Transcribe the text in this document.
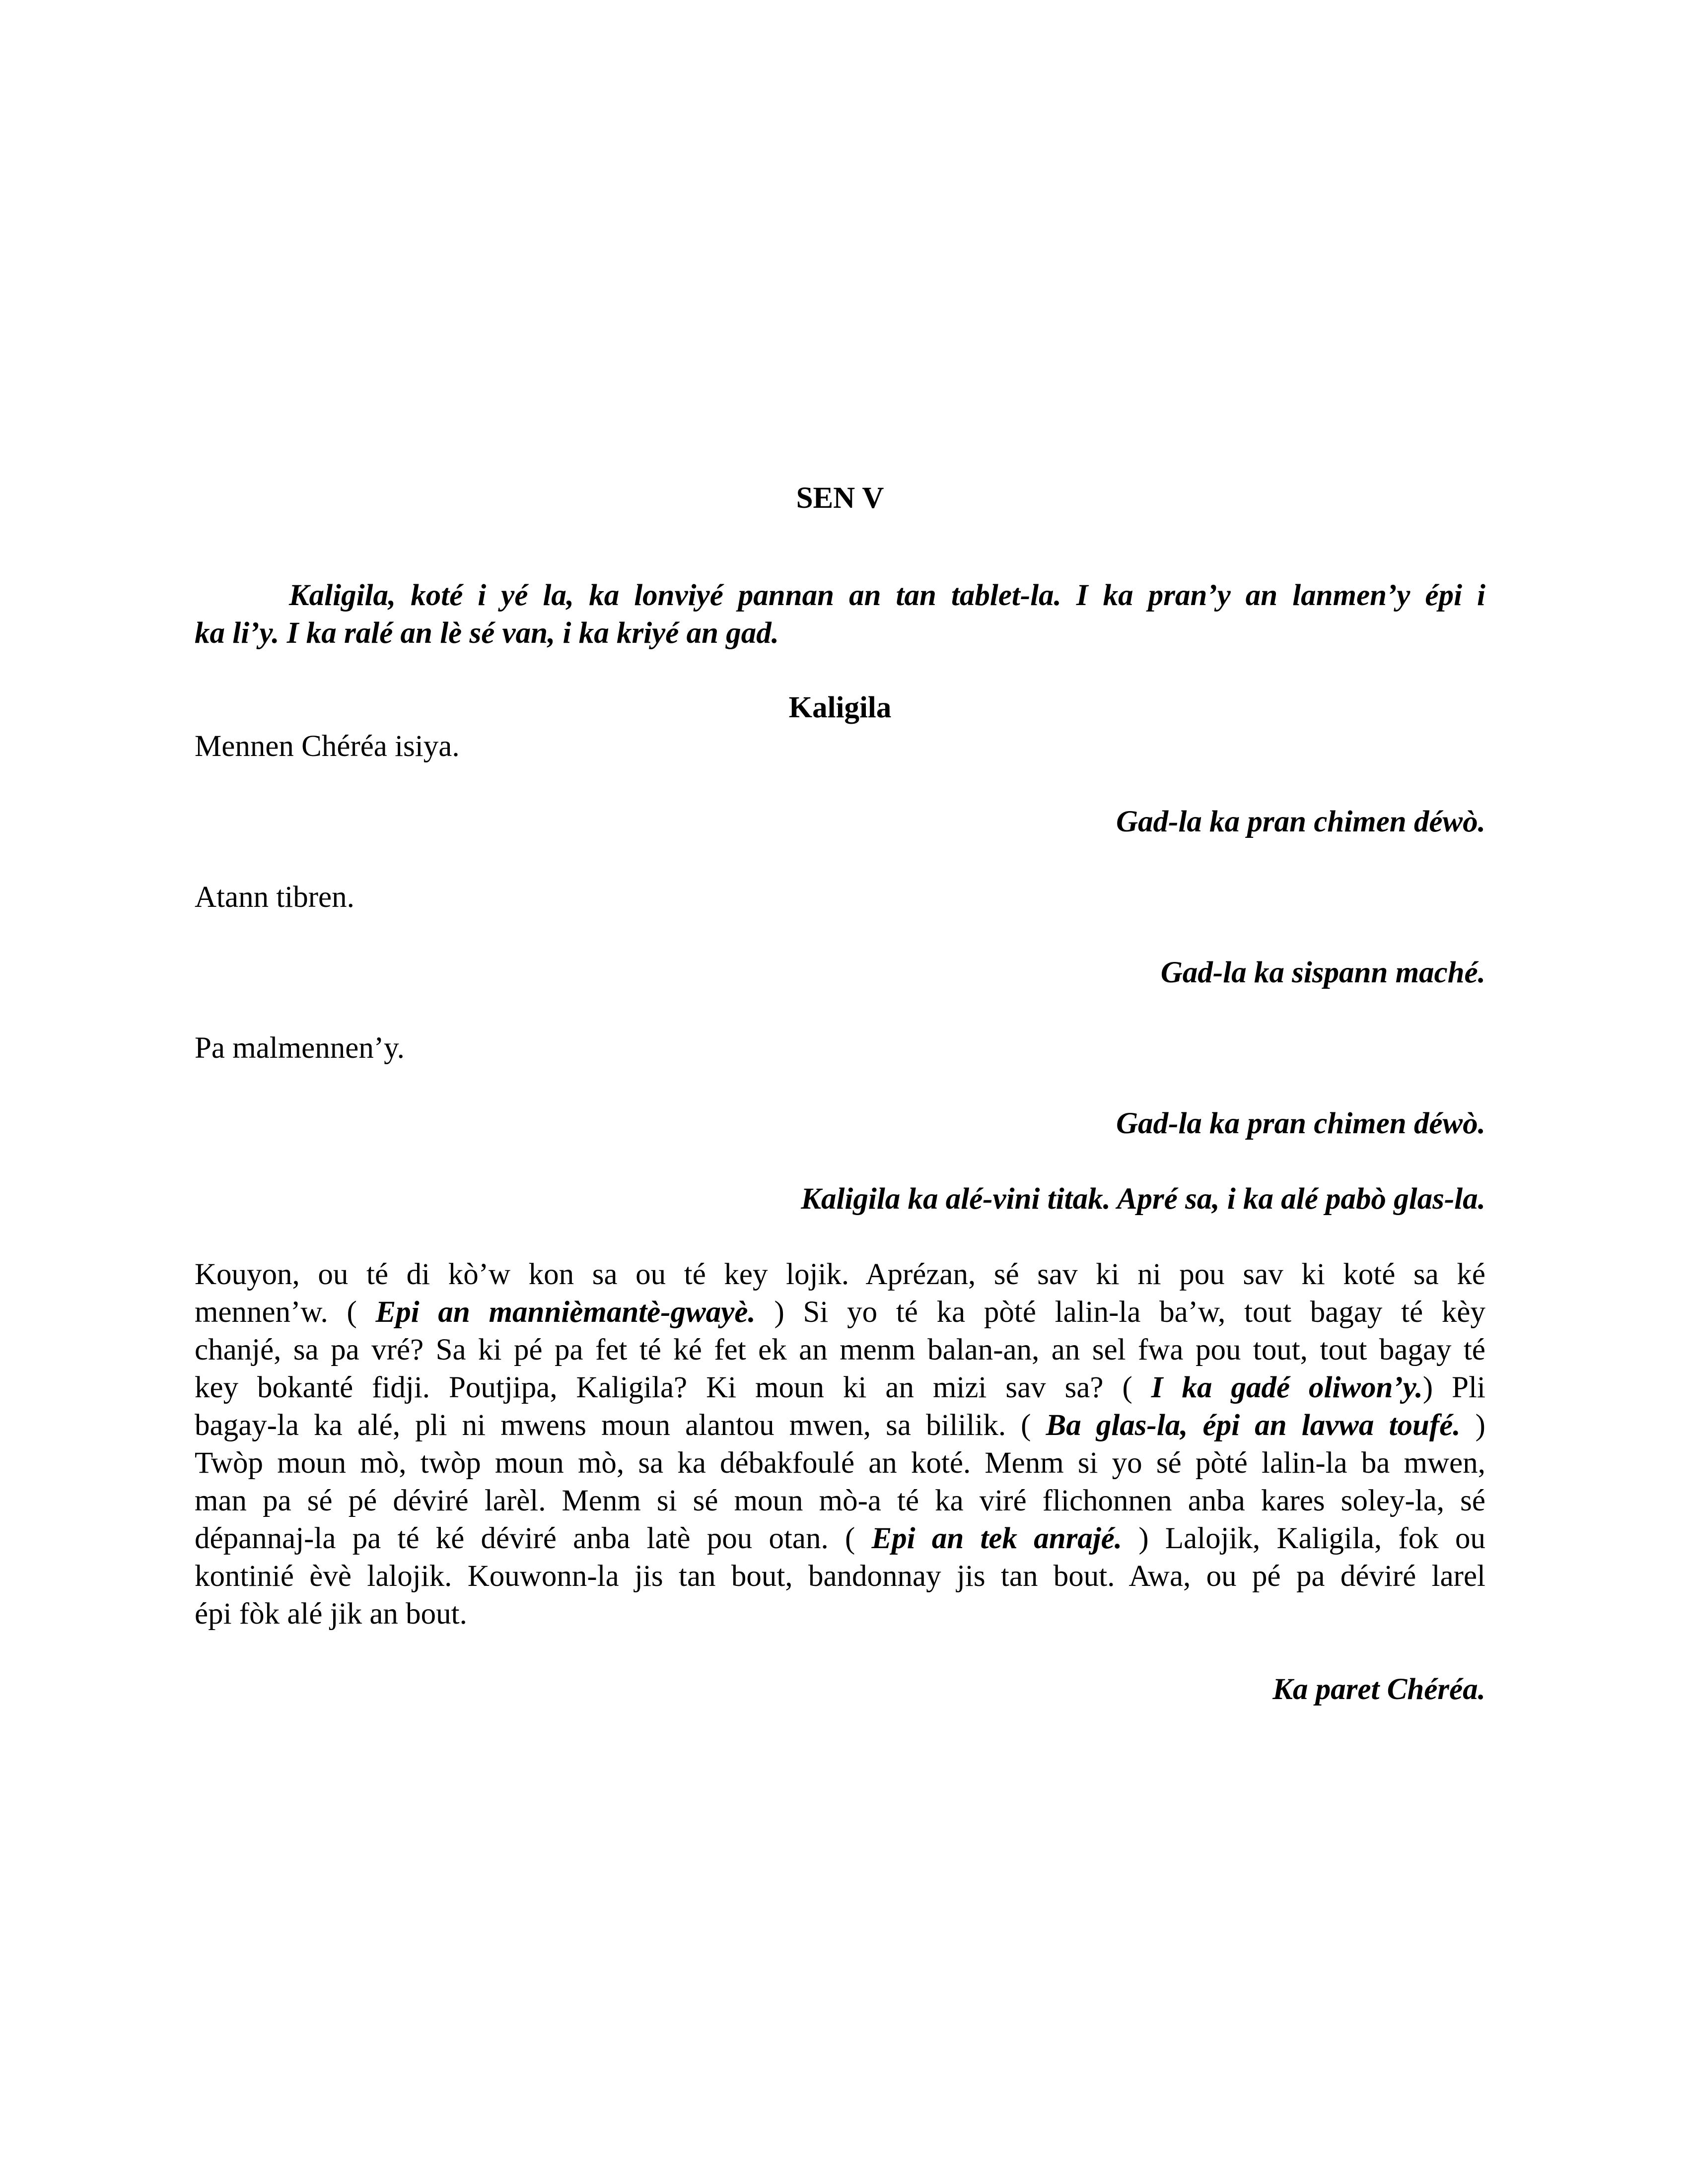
SEN V

Kaligila, koté i yé la, ka lonviyé pannan an tan tablet-la. I ka pran’y an lanmen’y épi i

ka li’y. I ka ralé an lè sé van, i ka kriyé an gad.

Kaligila

Mennen Chéréa isiya.

Gad-la ka pran chimen déwò.

Atann tibren.

Gad-la ka sispann maché.

Pa malmennen’y.

Gad-la ka pran chimen déwò.

Kaligila ka alé-vini titak. Apré sa, i ka alé pabò glas-la.

Kouyon, ou té di kò’w kon sa ou té key lojik. Aprézan, sé sav ki ni pou sav ki koté sa ké

mennen’w. ( Epi an mannièmantè-gwayè. ) Si yo té ka pòté lalin-la ba’w, tout bagay té kèy

chanjé, sa pa vré? Sa ki pé pa fet té ké fet ek an menm balan-an, an sel fwa pou tout, tout bagay té

key bokanté fidji. Poutjipa, Kaligila? Ki moun ki an mizi sav sa? ( I ka gadé oliwon’y.) Pli

bagay-la ka alé, pli ni mwens moun alantou mwen, sa bililik. ( Ba glas-la, épi an lavwa toufé. )

Twòp moun mò, twòp moun mò, sa ka débakfoulé an koté. Menm si yo sé pòté lalin-la ba mwen,

man pa sé pé déviré larèl. Menm si sé moun mò-a té ka viré flichonnen anba kares soley-la, sé

dépannaj-la pa té ké déviré anba latè pou otan. ( Epi an tek anrajé. ) Lalojik, Kaligila, fok ou

kontinié èvè lalojik. Kouwonn-la jis tan bout, bandonnay jis tan bout. Awa, ou pé pa déviré larel

épi fòk alé jik an bout.

Ka paret Chéréa.
